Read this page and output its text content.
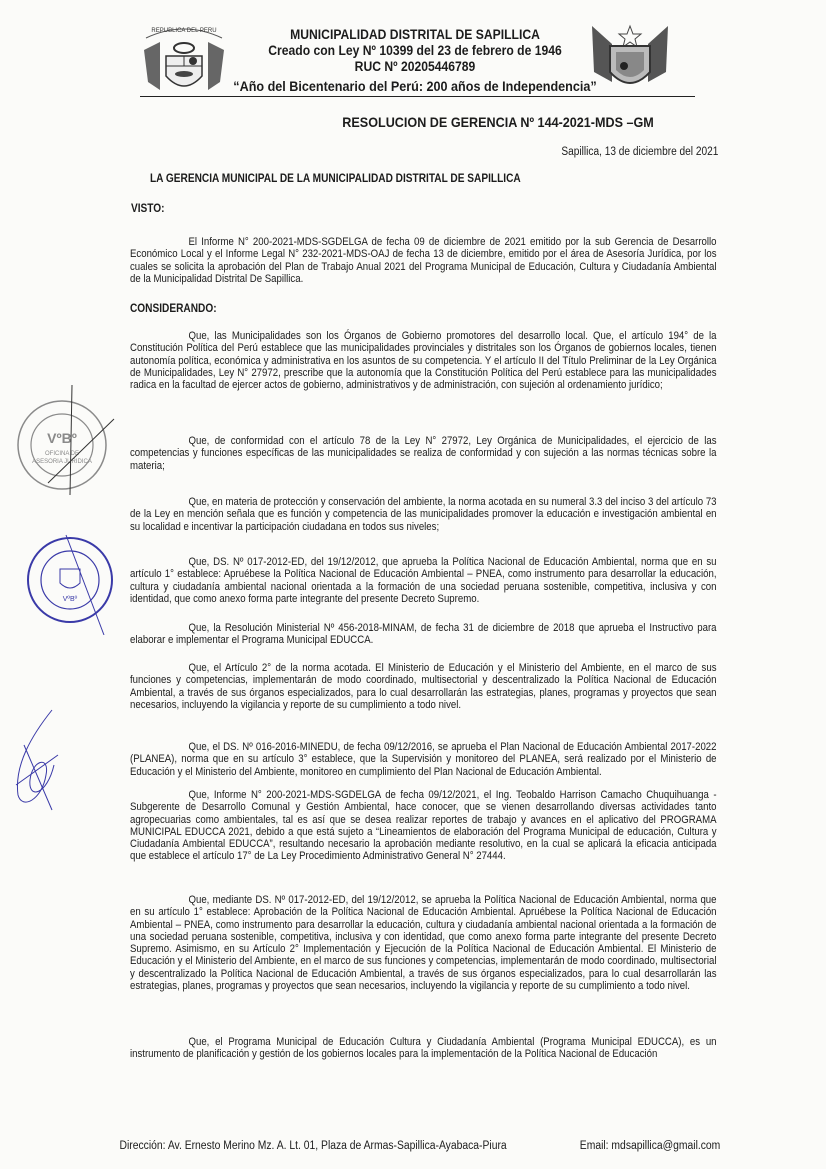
REPUBLICA DEL PERU	MUNICIPALIDAD DISTRITAL DE SAPILLICA
Creado con Ley Nº 10399 del 23 de febrero de 1946
RUC Nº 20205446789
“Año del Bicentenario del Perú: 200 años de Independencia”
RESOLUCION DE GERENCIA Nº 144-2021-MDS –GM
Sapillica, 13 de diciembre del 2021
LA GERENCIA MUNICIPAL DE LA MUNICIPALIDAD DISTRITAL DE SAPILLICA
VISTO:
El Informe N° 200-2021-MDS-SGDELGA de fecha 09 de diciembre de 2021 emitido por la sub Gerencia de Desarrollo Económico Local y el Informe Legal N° 232-2021-MDS-OAJ de fecha 13 de diciembre, emitido por el área de Asesoría Jurídica, por los cuales se solicita la aprobación del Plan de Trabajo Anual 2021 del Programa Municipal de Educación, Cultura y Ciudadanía Ambiental de la Municipalidad Distrital De Sapillica.
CONSIDERANDO:
Que, las Municipalidades son los Órganos de Gobierno promotores del desarrollo local. Que, el artículo 194° de la Constitución Política del Perú establece que las municipalidades provinciales y distritales son los Órganos de gobiernos locales, tienen autonomía política, económica y administrativa en los asuntos de su competencia. Y el artículo II del Título Preliminar de la Ley Orgánica de Municipalidades, Ley N° 27972, prescribe que la autonomía que la Constitución Política del Perú establece para las municipalidades radica en la facultad de ejercer actos de gobierno, administrativos y de administración, con sujeción al ordenamiento jurídico;
Que, de conformidad con el artículo 78 de la Ley N° 27972, Ley Orgánica de Municipalidades, el ejercicio de las competencias y funciones específicas de las municipalidades se realiza de conformidad y con sujeción a las normas técnicas sobre la materia;
Que, en materia de protección y conservación del ambiente, la norma acotada en su numeral 3.3 del inciso 3 del artículo 73 de la Ley en mención señala que es función y competencia de las municipalidades promover la educación e investigación ambiental en su localidad e incentivar la participación ciudadana en todos sus niveles;
Que, DS. Nº 017-2012-ED, del 19/12/2012, que aprueba la Política Nacional de Educación Ambiental, norma que en su artículo 1° establece: Apruébese la Política Nacional de Educación Ambiental – PNEA, como instrumento para desarrollar la educación, cultura y ciudadanía ambiental nacional orientada a la formación de una sociedad peruana sostenible, competitiva, inclusiva y con identidad, que como anexo forma parte integrante del presente Decreto Supremo.
Que, la Resolución Ministerial Nº 456-2018-MINAM, de fecha 31 de diciembre de 2018 que aprueba el Instructivo para elaborar e implementar el Programa Municipal EDUCCA.
Que, el Artículo 2° de la norma acotada. El Ministerio de Educación y el Ministerio del Ambiente, en el marco de sus funciones y competencias, implementarán de modo coordinado, multisectorial y descentralizado la Política Nacional de Educación Ambiental, a través de sus órganos especializados, para lo cual desarrollarán las estrategias, planes, programas y proyectos que sean necesarios, incluyendo la vigilancia y reporte de su cumplimiento a todo nivel.
Que, el DS. Nº 016-2016-MINEDU, de fecha 09/12/2016, se aprueba el Plan Nacional de Educación Ambiental 2017-2022 (PLANEA), norma que en su artículo 3° establece, que la Supervisión y monitoreo del PLANEA, será realizado por el Ministerio de Educación y el Ministerio del Ambiente, monitoreo en cumplimiento del Plan Nacional de Educación Ambiental.
Que, Informe N° 200-2021-MDS-SGDELGA de fecha 09/12/2021, el Ing. Teobaldo Harrison Camacho Chuquihuanga - Subgerente de Desarrollo Comunal y Gestión Ambiental, hace conocer, que se vienen desarrollando diversas actividades tanto agropecuarias como ambientales, tal es así que se desea realizar reportes de trabajo y avances en el aplicativo del PROGRAMA MUNICIPAL EDUCCA 2021, debido a que está sujeto a “Lineamientos de elaboración del Programa Municipal de educación, Cultura y Ciudadanía Ambiental EDUCCA”, resultando necesario la aprobación mediante resolutivo, en la cual se aplicará la eficacia anticipada que establece el artículo 17° de La Ley Procedimiento Administrativo General N° 27444.
Que, mediante DS. Nº 017-2012-ED, del 19/12/2012, se aprueba la Política Nacional de Educación Ambiental, norma que en su artículo 1° establece: Aprobación de la Política Nacional de Educación Ambiental. Apruébese la Política Nacional de Educación Ambiental – PNEA, como instrumento para desarrollar la educación, cultura y ciudadanía ambiental nacional orientada a la formación de una sociedad peruana sostenible, competitiva, inclusiva y con identidad, que como anexo forma parte integrante del presente Decreto Supremo. Asimismo, en su Artículo 2° Implementación y Ejecución de la Política Nacional de Educación Ambiental. El Ministerio de Educación y el Ministerio del Ambiente, en el marco de sus funciones y competencias, implementarán de modo coordinado, multisectorial y descentralizado la Política Nacional de Educación Ambiental, a través de sus órganos especializados, para lo cual desarrollarán las estrategias, planes, programas y proyectos que sean necesarios, incluyendo la vigilancia y reporte de su cumplimiento a todo nivel.
Que, el Programa Municipal de Educación Cultura y Ciudadanía Ambiental (Programa Municipal EDUCCA), es un instrumento de planificación y gestión de los gobiernos locales para la implementación de la Política Nacional de Educación
VºBº
OFICINA DE
ASESORIA JURIDICA
VºBº
Dirección: Av. Ernesto Merino Mz. A. Lt. 01, Plaza de Armas-Sapillica-Ayabaca-Piura	Email: mdsapillica@gmail.com
